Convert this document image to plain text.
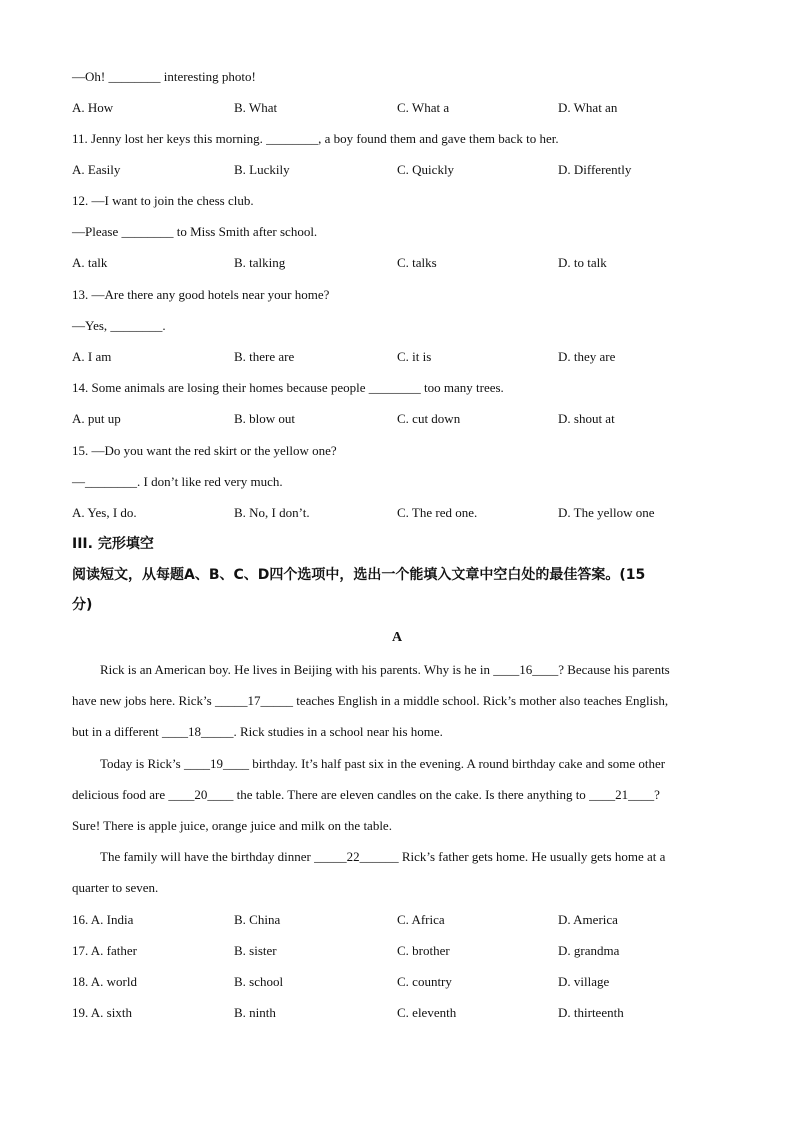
—Oh! ________ interesting photo!
A. How	B. What	C. What a	D. What an
11. Jenny lost her keys this morning. ________, a boy found them and gave them back to her.
A. Easily	B. Luckily	C. Quickly	D. Differently
12. —I want to join the chess club.
—Please ________ to Miss Smith after school.
A. talk	B. talking	C. talks	D. to talk
13. —Are there any good hotels near your home?
—Yes, ________.
A. I am	B. there are	C. it is	D. they are
14. Some animals are losing their homes because people ________ too many trees.
A. put up	B. blow out	C. cut down	D. shout at
15. —Do you want the red skirt or the yellow one?
—________. I don’t like red very much.
A. Yes, I do.	B. No, I don’t.	C. The red one.	D. The yellow one
III. 完形填空
阅读短文，从每题A、B、C、D四个选项中，选出一个能填入文章中空白处的最佳答案。(15
分)
A
Rick is an American boy. He lives in Beijing with his parents. Why is he in ____16____? Because his parents
have new jobs here. Rick’s _____17_____ teaches English in a middle school. Rick’s mother also teaches English,
but in a different ____18_____. Rick studies in a school near his home.
Today is Rick’s ____19____ birthday. It’s half past six in the evening. A round birthday cake and some other
delicious food are ____20____ the table. There are eleven candles on the cake. Is there anything to ____21____?
Sure! There is apple juice, orange juice and milk on the table.
The family will have the birthday dinner _____22______ Rick’s father gets home. He usually gets home at a
quarter to seven.
16. A. India	B. China	C. Africa	D. America
17. A. father	B. sister	C. brother	D. grandma
18. A. world	B. school	C. country	D. village
19. A. sixth	B. ninth	C. eleventh	D. thirteenth
